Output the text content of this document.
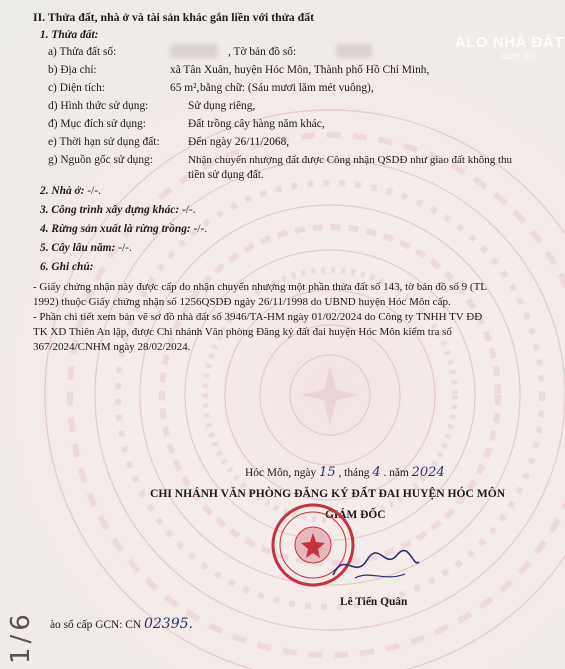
ALO NHÀ ĐẤT
.com.vn
II. Thửa đất, nhà ở và tài sản khác gắn liền với thửa đất
1. Thửa đất:
a) Thửa đất số:	, Tờ bản đồ số:
b) Địa chỉ:	xã Tân Xuân, huyện Hóc Môn, Thành phố Hồ Chí Minh,
c) Diện tích:	65 m², bằng chữ: (Sáu mươi lăm mét vuông),
d) Hình thức sử dụng:	Sử dụng riêng,
đ) Mục đích sử dụng:	Đất trồng cây hàng năm khác,
e) Thời hạn sử dụng đất: Đến ngày 26/11/2068,
g) Nguồn gốc sử dụng:	Nhận chuyển nhượng đất được Công nhận QSDĐ như giao đất không thu
tiền sử dụng đất.
2. Nhà ở: -/-.
3. Công trình xây dựng khác: -/-.
4. Rừng sản xuất là rừng trồng: -/-.
5. Cây lâu năm: -/-.
6. Ghi chú:
- Giấy chứng nhận này được cấp do nhận chuyển nhượng một phần thửa đất số 143, tờ bản đồ số 9 (TL
1992) thuộc Giấy chứng nhận số 1256QSDĐ ngày 26/11/1998 do UBND huyện Hóc Môn cấp.
- Phần chi tiết xem bản vẽ sơ đồ nhà đất số 3946/TA-HM ngày 01/02/2024 do Công ty TNHH TV ĐĐ
TK XD Thiên An lập, được Chi nhánh Văn phòng Đăng ký đất đai huyện Hóc Môn kiểm tra số
367/2024/CNHM ngày 28/02/2024.
Hóc Môn, ngày 15 , tháng 4 . năm 2024
CHI NHÁNH VĂN PHÒNG ĐĂNG KÝ ĐẤT ĐAI HUYỆN HÓC MÔN
GIÁM ĐỐC
Lê Tiến Quân
ào sổ cấp GCN: CN 02395.
1/6
